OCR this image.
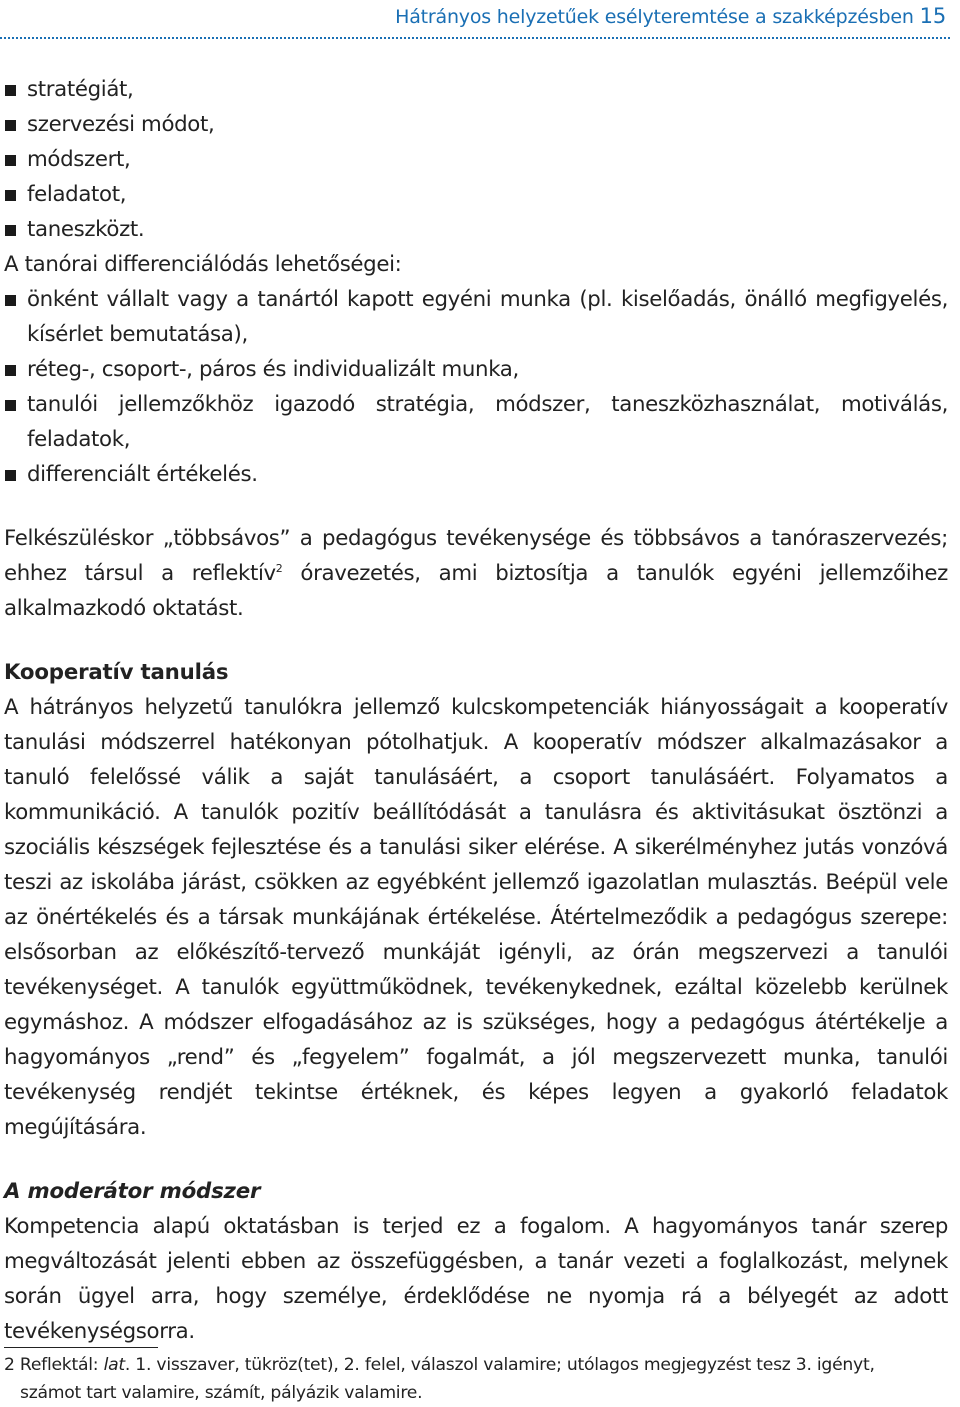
Hátrányos helyzetűek esélyteremtése a szakképzésben 15
stratégiát,
szervezési módot,
módszert,
feladatot,
taneszközt.

A tanórai differenciálódás lehetőségei:

önként vállalt vagy a tanártól kapott egyéni munka (pl. kiselőadás, önálló megfigyelés, kísérlet bemutatása),
réteg-, csoport-, páros és individualizált munka,
tanulói jellemzőkhöz igazodó stratégia, módszer, taneszközhasználat, motiválás, feladatok,
differenciált értékelés.

Felkészüléskor „többsávos” a pedagógus tevékenysége és többsávos a tanóraszervezés; ehhez társul a reflektív$^2$ óravezetés, ami biztosítja a tanulók egyéni jellemzőihez alkalmazkodó oktatást.

Kooperatív tanulás

A hátrányos helyzetű tanulókra jellemző kulcskompetenciák hiányosságait a kooperatív tanulási módszerrel hatékonyan pótolhatjuk. A kooperatív módszer alkalmazásakor a tanuló felelőssé válik a saját tanulásáért, a csoport tanulásáért. Folyamatos a kommunikáció. A tanulók pozitív beállítódását a tanulásra és aktivitásukat ösztönzi a szociális készségek fejlesztése és a tanulási siker elérése. A sikerélményhez jutás vonzóvá teszi az iskolába járást, csökken az egyébként jellemző igazolatlan mulasztás. Beépül vele az önértékelés és a társak munkájának értékelése. Átértelmeződik a pedagógus szerepe: elsősorban az előkészítő-tervező munkáját igényli, az órán megszervezi a tanulói tevékenységet. A tanulók együttműködnek, tevékenykednek, ezáltal közelebb kerülnek egymáshoz. A módszer elfogadásához az is szükséges, hogy a pedagógus átértékelje a hagyományos „rend” és „fegyelem” fogalmát, a jól megszervezett munka, tanulói tevékenység rendjét tekintse értéknek, és képes legyen a gyakorló feladatok megújítására.

A moderátor módszer

Kompetencia alapú oktatásban is terjed ez a fogalom. A hagyományos tanár szerep megváltozását jelenti ebben az összefüggésben, a tanár vezeti a foglalkozást, melynek során ügyel arra, hogy személye, érdeklődése ne nyomja rá a bélyegét az adott tevékenységsorra.

2 Reflektál: lat. 1. visszaver, tükröz(tet), 2. felel, válaszol valamire; utólagos megjegyzést tesz 3. igényt,
számot tart valamire, számít, pályázik valamire.
